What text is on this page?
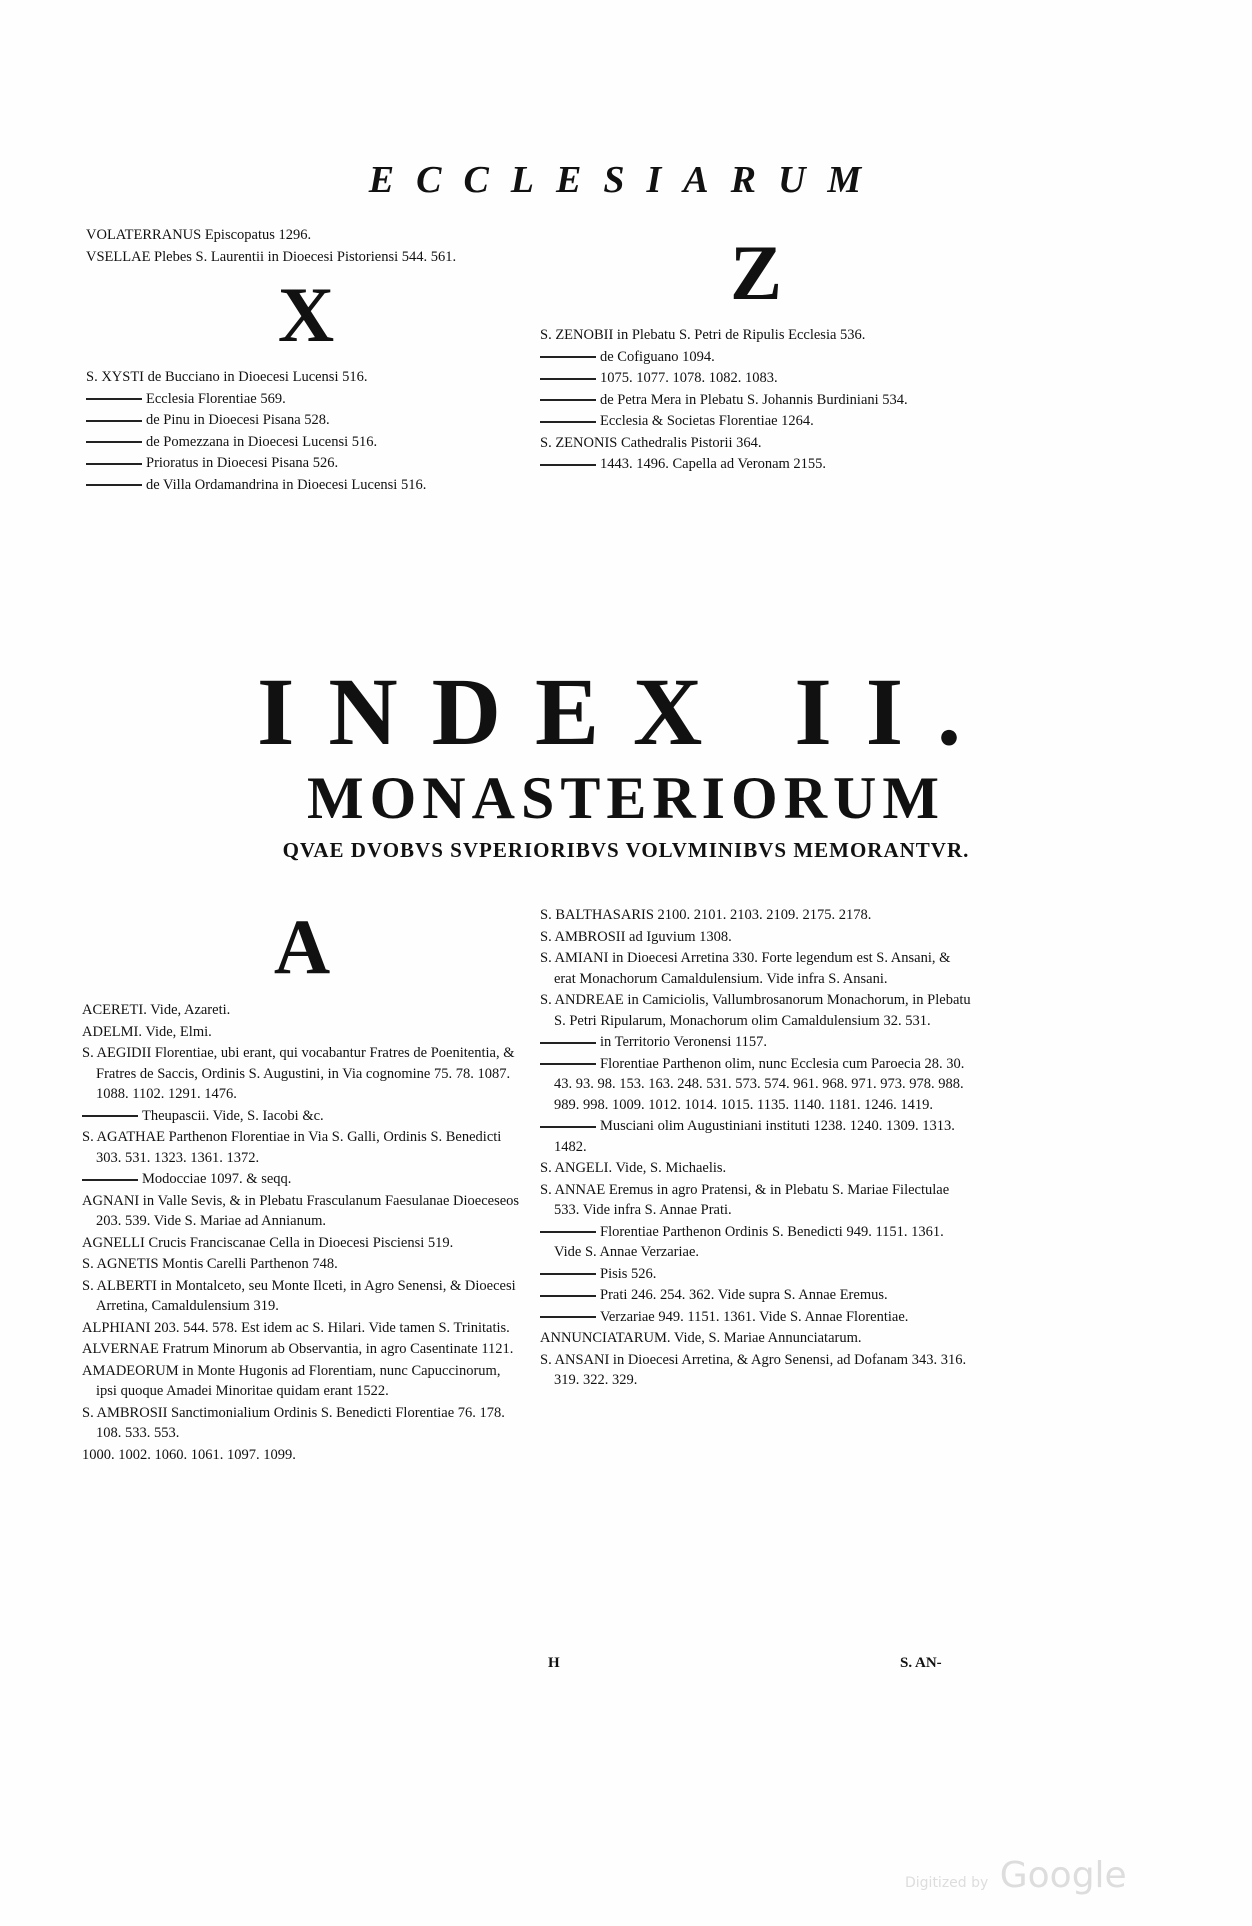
ECCLESIARUM
VOLATERRANUS Episcopatus 1296.
VSELLAE Plebes S. Laurentii in Dioecesi Pistoriensi 544. 561.
X
S. XYSTI de Bucciano in Dioecesi Lucensi 516.
Ecclesia Florentiae 569.
de Pinu in Dioecesi Pisana 528.
de Pomezzana in Dioecesi Lucensi 516.
Prioratus in Dioecesi Pisana 526.
de Villa Ordamandrina in Dioecesi Lucensi 516.
Z
S. ZENOBII in Plebatu S. Petri de Ripulis Ecclesia 536.
de Cofiguano 1094.
1075. 1077. 1078. 1082. 1083.
de Petra Mera in Plebatu S. Johannis Burdiniani 534.
Ecclesia & Societas Florentiae 1264.
S. ZENONIS Cathedralis Pistorii 364.
1443. 1496. Capella ad Veronam 2155.
INDEX II.
MONASTERIORUM
QVAE DVOBVS SVPERIORIBVS VOLVMINIBVS MEMORANTVR.
A
ACERETI. Vide, Azareti.
ADELMI. Vide, Elmi.
S. AEGIDII Florentiae, ubi erant, qui vocabantur Fratres de Poenitentia, & Fratres de Saccis, Ordinis S. Augustini, in Via cognomine 75. 78. 1087. 1088. 1102. 1291. 1476.
Theupascii. Vide, S. Iacobi &c.
S. AGATHAE Parthenon Florentiae in Via S. Galli, Ordinis S. Benedicti 303. 531. 1323. 1361. 1372.
Modocciae 1097. & seqq.
AGNANI in Valle Sevis, & in Plebatu Frasculanum Faesulanae Dioeceseos 203. 539. Vide S. Mariae ad Annianum.
AGNELLI Crucis Franciscanae Cella in Dioecesi Pisciensi 519.
S. AGNETIS Montis Carelli Parthenon 748.
S. ALBERTI in Montalceto, seu Monte Ilceti, in Agro Senensi, & Dioecesi Arretina, Camaldulensium 319.
ALPHIANI 203. 544. 578. Est idem ac S. Hilari. Vide tamen S. Trinitatis.
ALVERNAE Fratrum Minorum ab Observantia, in agro Casentinate 1121.
AMADEORUM in Monte Hugonis ad Florentiam, nunc Capuccinorum, ipsi quoque Amadei Minoritae quidam erant 1522.
S. AMBROSII Sanctimonialium Ordinis S. Benedicti Florentiae 76. 178. 108. 533. 553.
1000. 1002. 1060. 1061. 1097. 1099.
S. BALTHASARIS 2100. 2101. 2103. 2109. 2175. 2178.
S. AMBROSII ad Iguvium 1308.
S. AMIANI in Dioecesi Arretina 330. Forte legendum est S. Ansani, & erat Monachorum Camaldulensium. Vide infra S. Ansani.
S. ANDREAE in Camiciolis, Vallumbrosanorum Monachorum, in Plebatu S. Petri Ripularum, Monachorum olim Camaldulensium 32. 531.
in Territorio Veronensi 1157.
Florentiae Parthenon olim, nunc Ecclesia cum Paroecia 28. 30. 43. 93. 98. 153. 163. 248. 531. 573. 574. 961. 968. 971. 973. 978. 988. 989. 998. 1009. 1012. 1014. 1015. 1135. 1140. 1181. 1246. 1419.
Musciani olim Augustiniani instituti 1238. 1240. 1309. 1313. 1482.
S. ANGELI. Vide, S. Michaelis.
S. ANNAE Eremus in agro Pratensi, & in Plebatu S. Mariae Filectulae 533. Vide infra S. Annae Prati.
Florentiae Parthenon Ordinis S. Benedicti 949. 1151. 1361. Vide S. Annae Verzariae.
Pisis 526.
Prati 246. 254. 362. Vide supra S. Annae Eremus.
Verzariae 949. 1151. 1361. Vide S. Annae Florentiae.
ANNUNCIATARUM. Vide, S. Mariae Annunciatarum.
S. ANSANI in Dioecesi Arretina, & Agro Senensi, ad Dofanam 343. 316. 319. 322. 329.
H	S. AN-
Digitized by Google
